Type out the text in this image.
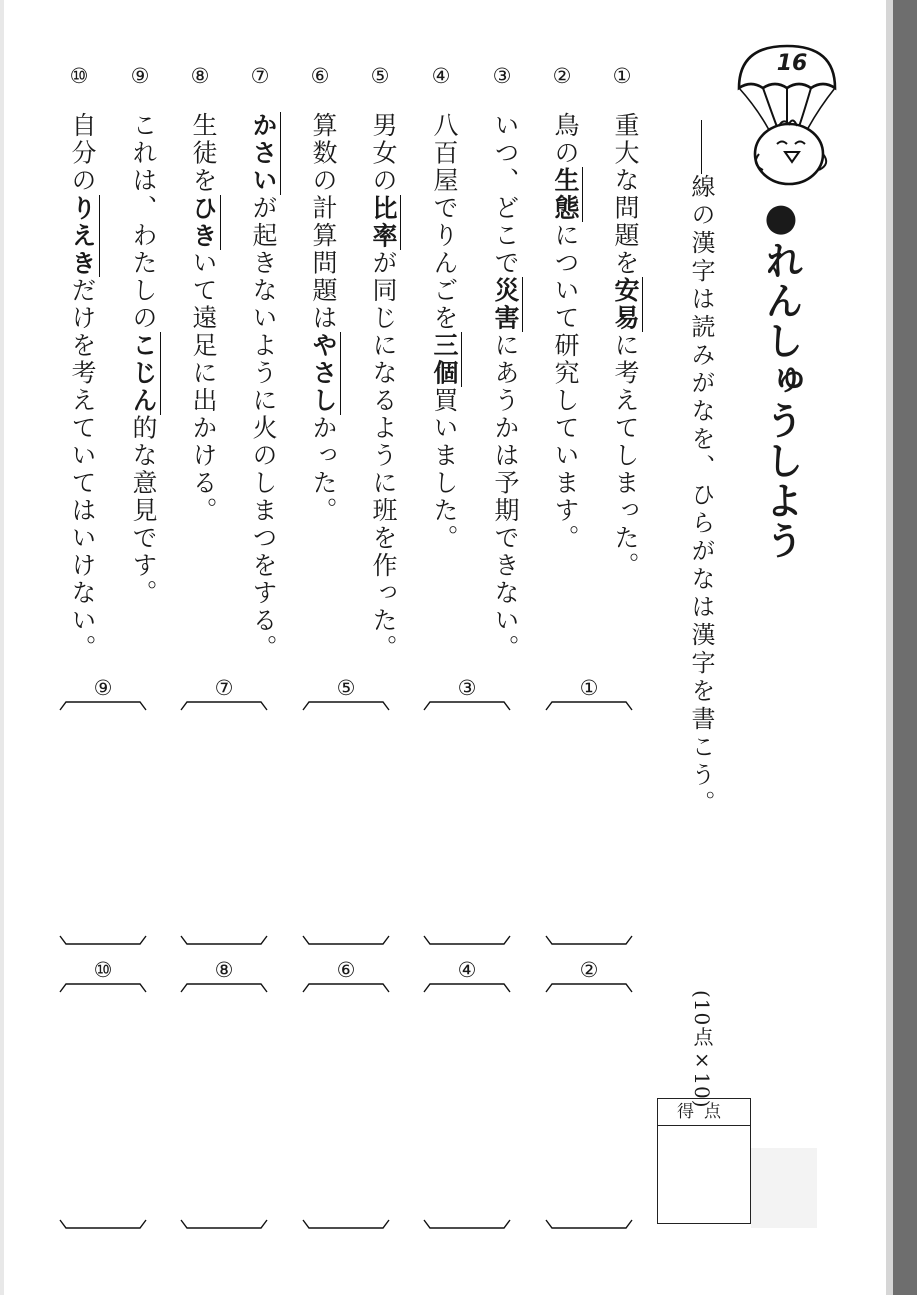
16
●れんしゅうしよう
線の漢字は読みがなを、ひらがなは漢字を書こう。
①
重大な問題を安易に考えてしまった。
②
鳥の生態について研究しています。
③
いつ、どこで災害にあうかは予期できない。
④
八百屋でりんごを三個買いました。
⑤
男女の比率が同じになるように班を作った。
⑥
算数の計算問題はやさしかった。
⑦
かさいが起きないように火のしまつをする。
⑧
生徒をひきいて遠足に出かける。
⑨
これは、わたしのこじん的な意見です。
⑩
自分のりえきだけを考えていてはいけない。
①
③
⑤
⑦
⑨
②
④
⑥
⑧
⑩
(10点×10)
得点
